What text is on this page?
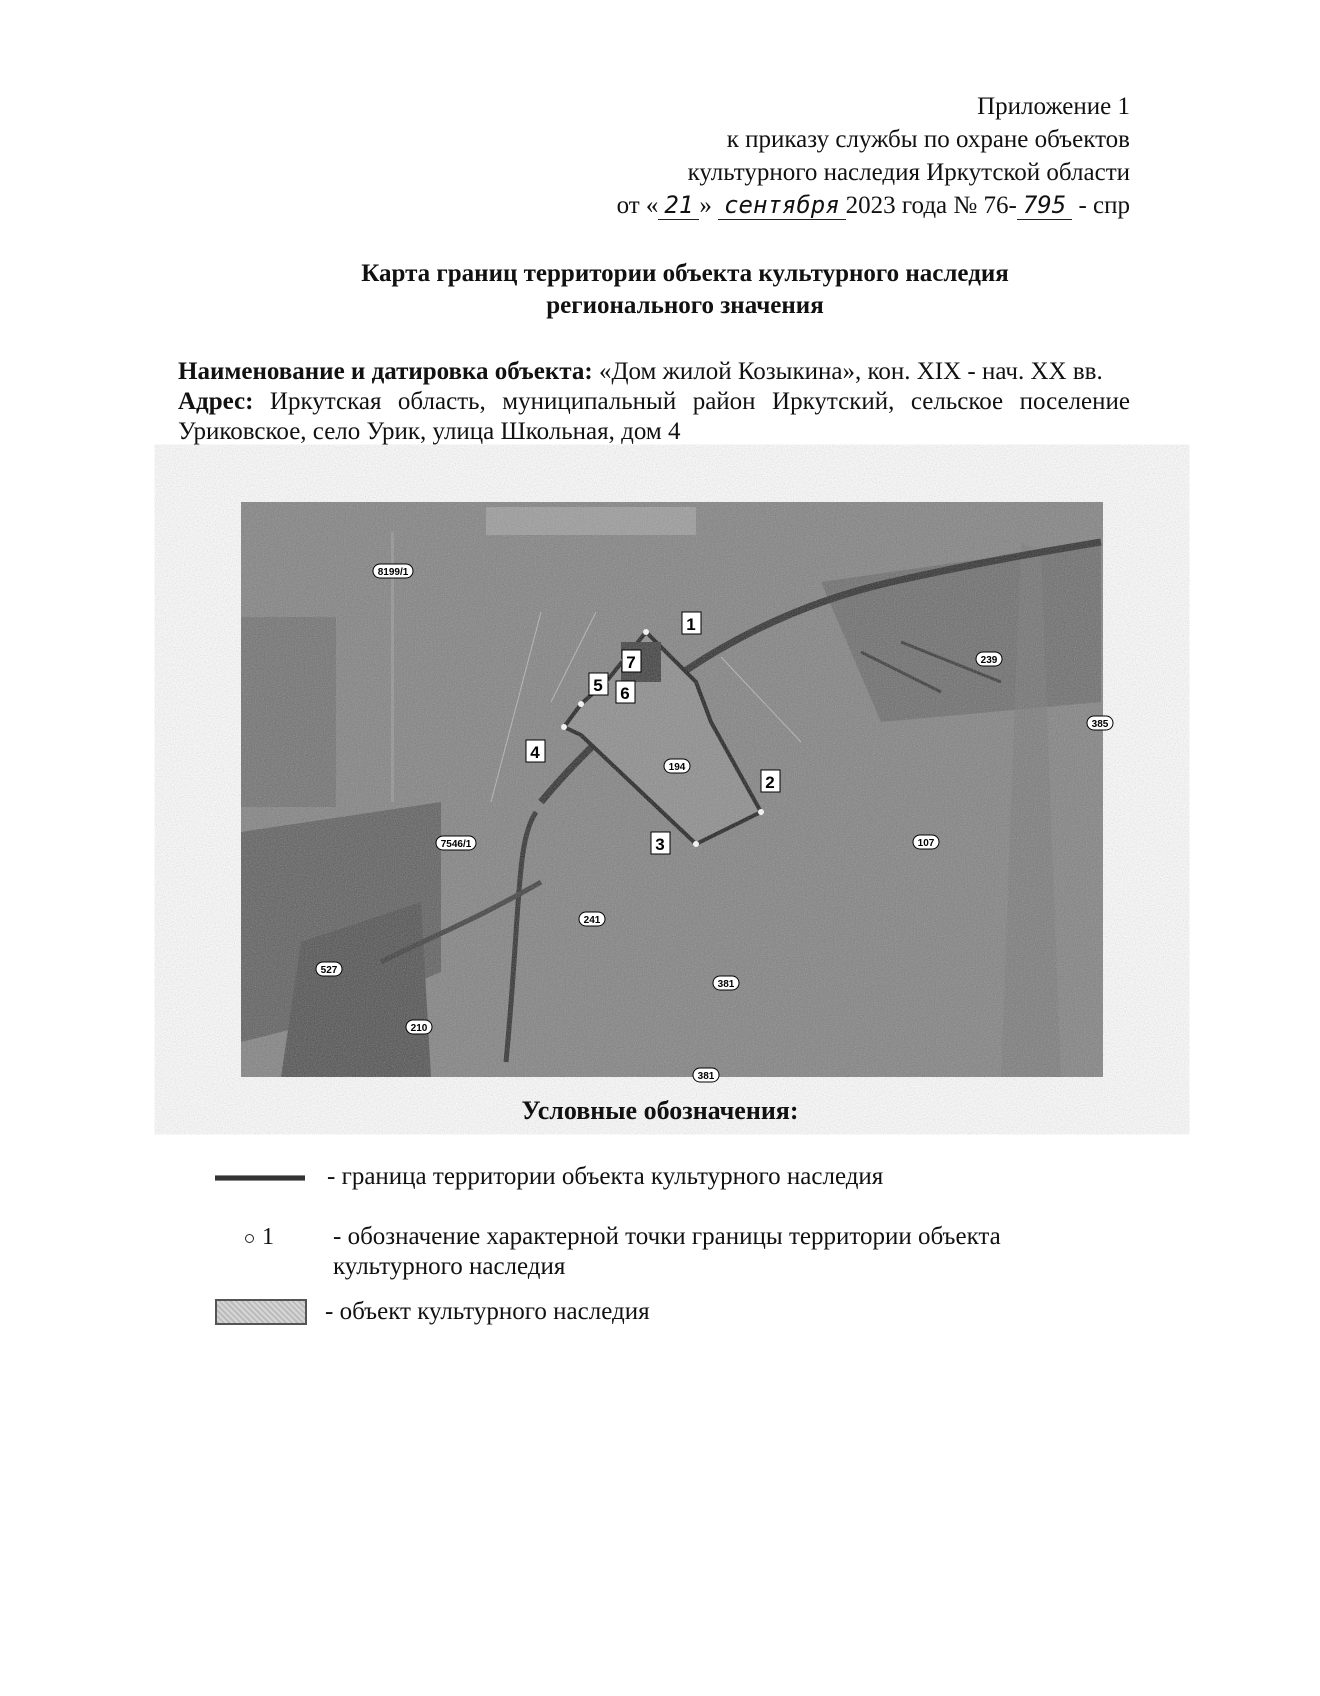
Приложение 1
к приказу службы по охране объектов
культурного наследия Иркутской области
от « 21 » сентября 2023 года № 76- 795 - спр
Карта границ территории объекта культурного наследия
регионального значения

Наименование и датировка объекта: «Дом жилой Козыкина», кон. XIX - нач. XX вв.

Адрес: Иркутская область, муниципальный район Иркутский, сельское поселение Уриковское, село Урик, улица Школьная, дом 4

1
2
3
4
5 6
7
8199/1
239
194
107
7546/1
241
527
210
381
381
385
Условные обозначения:
- граница территории объекта культурного наследия
1 - обозначение характерной точки границы территории объекта культурного наследия
- объект культурного наследия
